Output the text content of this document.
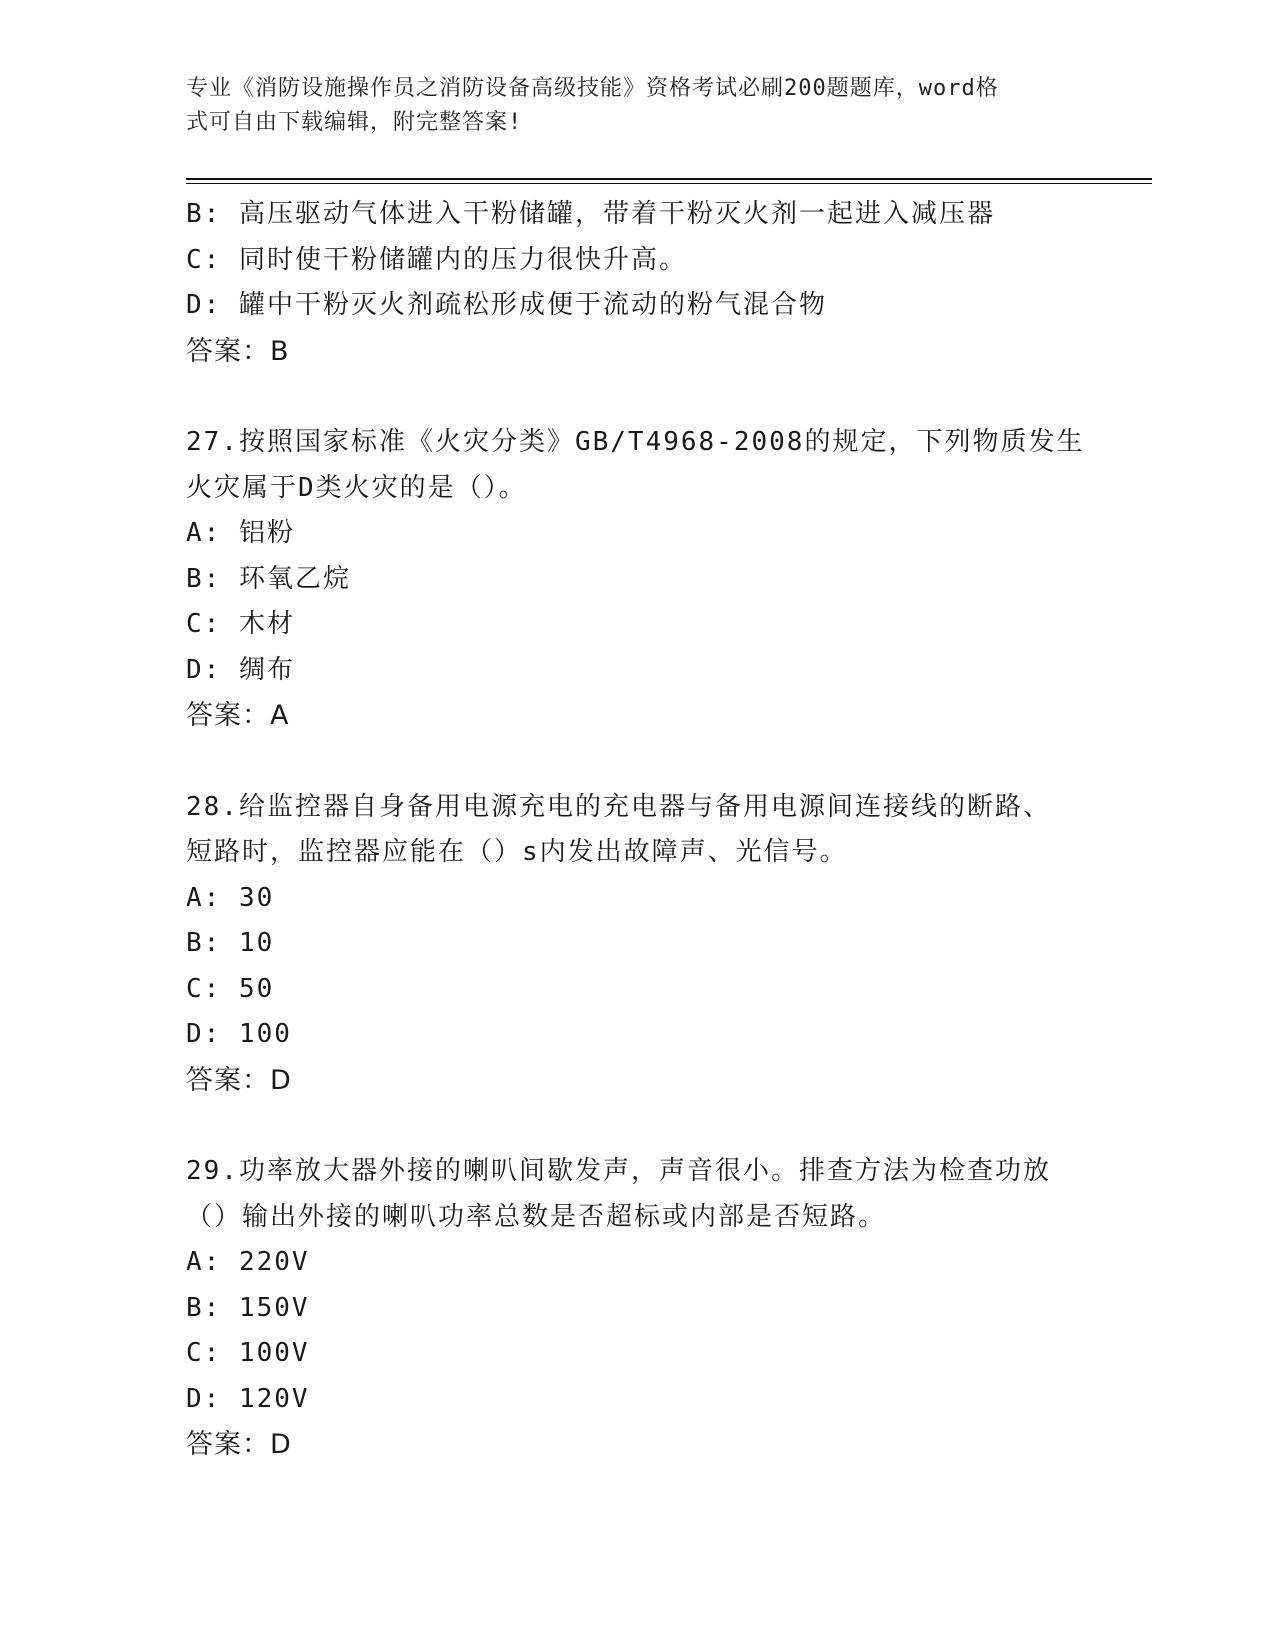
专业《消防设施操作员之消防设备高级技能》资格考试必刷200题题库，word格
式可自由下载编辑，附完整答案!
B: 高压驱动气体进入干粉储罐，带着干粉灭火剂一起进入减压器
C: 同时使干粉储罐内的压力很快升高。
D: 罐中干粉灭火剂疏松形成便于流动的粉气混合物
答案：B
27.按照国家标准《火灾分类》GB/T4968-2008的规定，下列物质发生
火灾属于D类火灾的是（）。
A: 铝粉
B: 环氧乙烷
C: 木材
D: 绸布
答案：A
28.给监控器自身备用电源充电的充电器与备用电源间连接线的断路、
短路时，监控器应能在（）s内发出故障声、光信号。
A: 30
B: 10
C: 50
D: 100
答案：D
29.功率放大器外接的喇叭间歇发声，声音很小。排查方法为检查功放
（）输出外接的喇叭功率总数是否超标或内部是否短路。
A: 220V
B: 150V
C: 100V
D: 120V
答案：D
